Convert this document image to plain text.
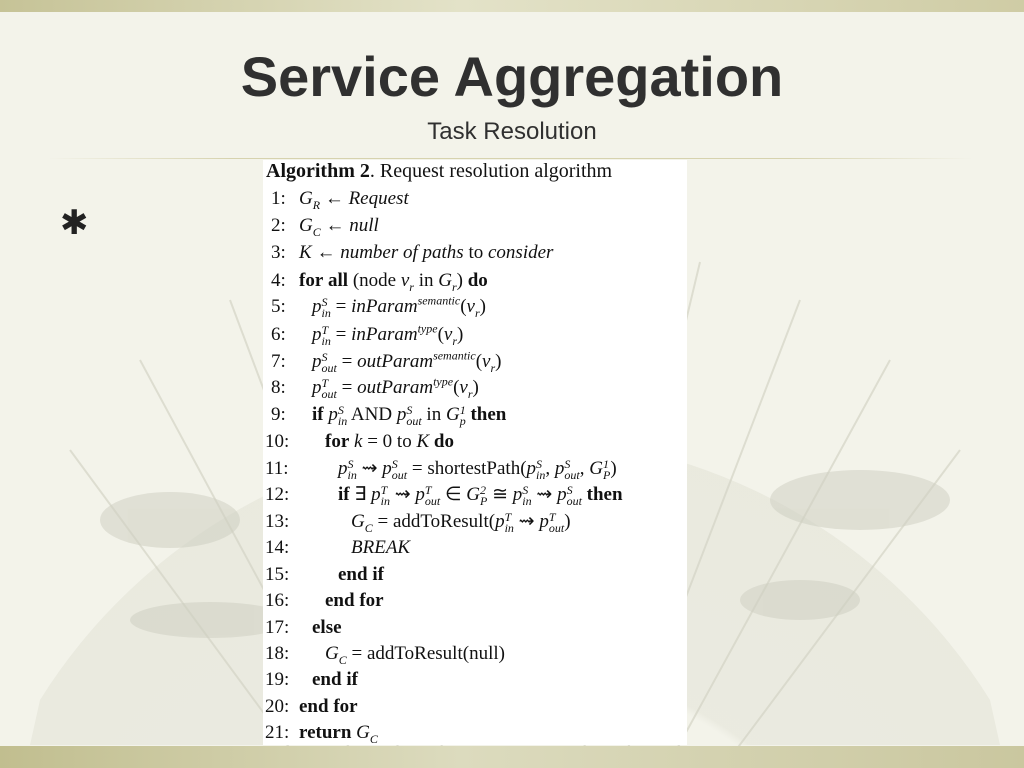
Service Aggregation
Task Resolution
✱
Algorithm 2. Request resolution algorithm
1: $G_R$ ← Request
2: $G_C$ ← null
3: K ← number of paths to consider
4: for all (node $v_r$ in $G_r$) do
5: p S
in = $inParam^{semantic}(v_r)$
6: p T
in = $inParam^{type}(v_r)$
7: p S
out = $outParam^{semantic}(v_r)$
8: p T
out = $outParam^{type}(v_r)$
9: if p S
in AND p S
out in G 1
p then
10: for k = 0 to K do
11:	p S
in ⇝ p S
out = shortestPath(p S
in , p S
out , G 1
P )
12:	if ∃ p T
in ⇝ p T
out ∈ G 2
P ≅ p S
in ⇝ p S
out then
13:	$G_C$ = addToResult(p T
in ⇝ p T
out )
14:	BREAK
15:	end if
16: end for
17: else
18: $G_C$ = addToResult(null)
19: end if
20: end for
21: return $G_C$
